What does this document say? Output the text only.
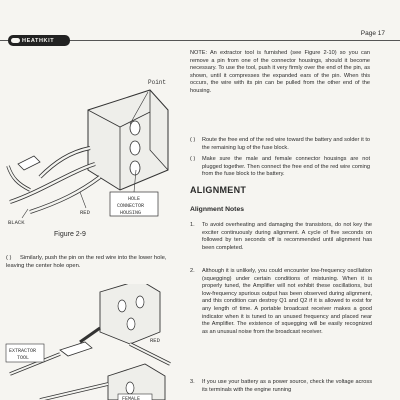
HEATHKIT
Page 17
Point
HOLE
CONNECTOR
HOUSING
RED
BLACK
Figure 2-9
( ) Similarly, push the pin on the red wire into the lower hole, leaving the center hole open.
EXTRACTOR
TOOL
RED
FEMALE
NOTE: An extractor tool is furnished (see Figure 2-10) so you can remove a pin from one of the connector housings, should it become necessary. To use the tool, push it very firmly over the end of the pin, as shown, until it compresses the expanded ears of the pin. When this occurs, the wire with its pin can be pulled from the other end of the housing.
( )	Route the free end of the red wire toward the battery and solder it to the remaining lug of the fuse block.
( )	Make sure the male and female connector housings are not plugged together. Then connect the free end of the red wire coming from the fuse block to the battery.
ALIGNMENT
Alignment Notes
1.	To avoid overheating and damaging the transistors, do not key the exciter continuously during alignment. A cycle of five seconds on followed by ten seconds off is recommended until alignment has been completed.
2.	Although it is unlikely, you could encounter low-frequency oscillation (squegging) under certain conditions of mistuning. When it is properly tuned, the Amplifier will not exhibit these oscillations, but low-frequency spurious output has been observed during alignment, and this condition can destroy Q1 and Q2 if it is allowed to exist for any length of time. A portable broadcast receiver makes a good indicator when it is tuned to an unused frequency and placed near the Amplifier. The existence of squegging will be easily recognized as an unusual noise from the broadcast receiver.
3.	If you use your battery as a power source, check the voltage across its terminals with the engine running
